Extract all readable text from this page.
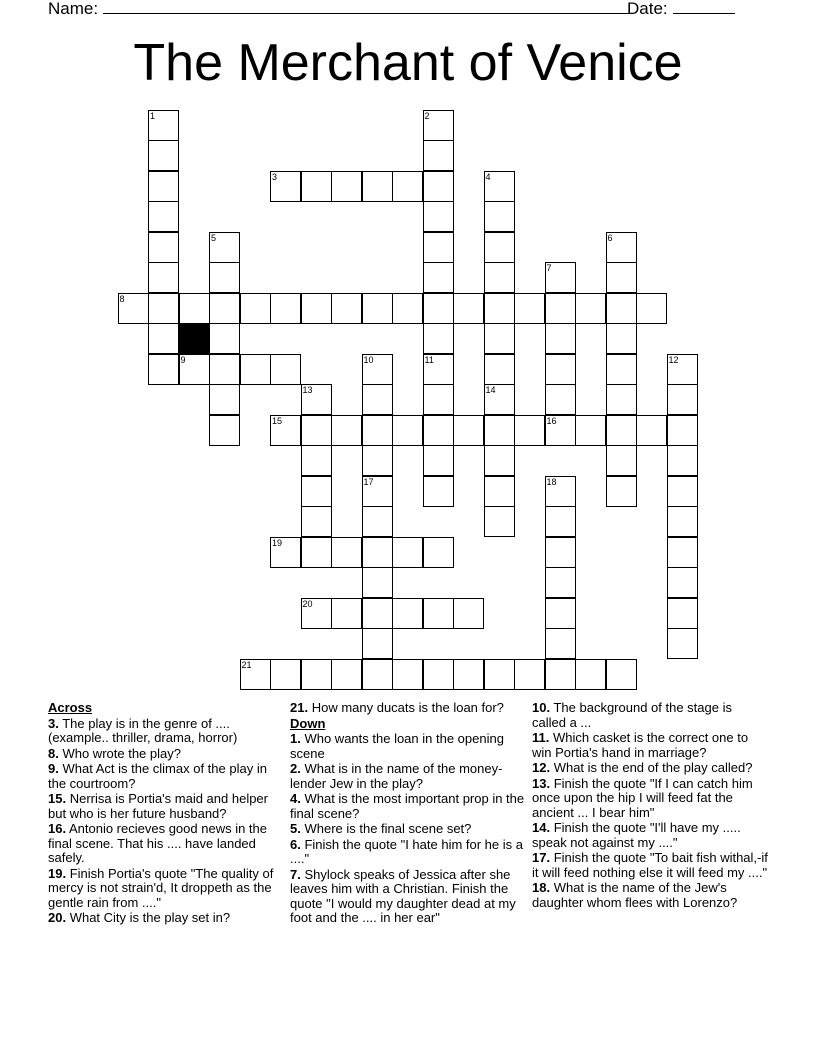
Name:	Date:
The Merchant of Venice
1	2
11
3	4
14
5	6
7
16
8
9	10
17
12
13
15
18
19
20
21
Across
3. The play is in the genre of .... (example.. thriller, drama, horror)
8. Who wrote the play?
9. What Act is the climax of the play in the courtroom?
15. Nerrisa is Portia's maid and helper but who is her future husband?
16. Antonio recieves good news in the final scene. That his .... have landed safely.
19. Finish Portia's quote "The quality of mercy is not strain'd, It droppeth as the gentle rain from ...."
20. What City is the play set in?
21. How many ducats is the loan for?
Down
1. Who wants the loan in the opening scene
2. What is in the name of the money-lender Jew in the play?
4. What is the most important prop in the final scene?
5. Where is the final scene set?
6. Finish the quote "I hate him for he is a ...."
7. Shylock speaks of Jessica after she leaves him with a Christian. Finish the quote "I would my daughter dead at my foot and the .... in her ear"
10. The background of the stage is called a ...
11. Which casket is the correct one to win Portia's hand in marriage?
12. What is the end of the play called?
13. Finish the quote "If I can catch him once upon the hip I will feed fat the ancient ... I bear him"
14. Finish the quote "I'll have my ..... speak not against my ...."
17. Finish the quote "To bait fish withal,-if it will feed nothing else it will feed my ...."
18. What is the name of the Jew's daughter whom flees with Lorenzo?
